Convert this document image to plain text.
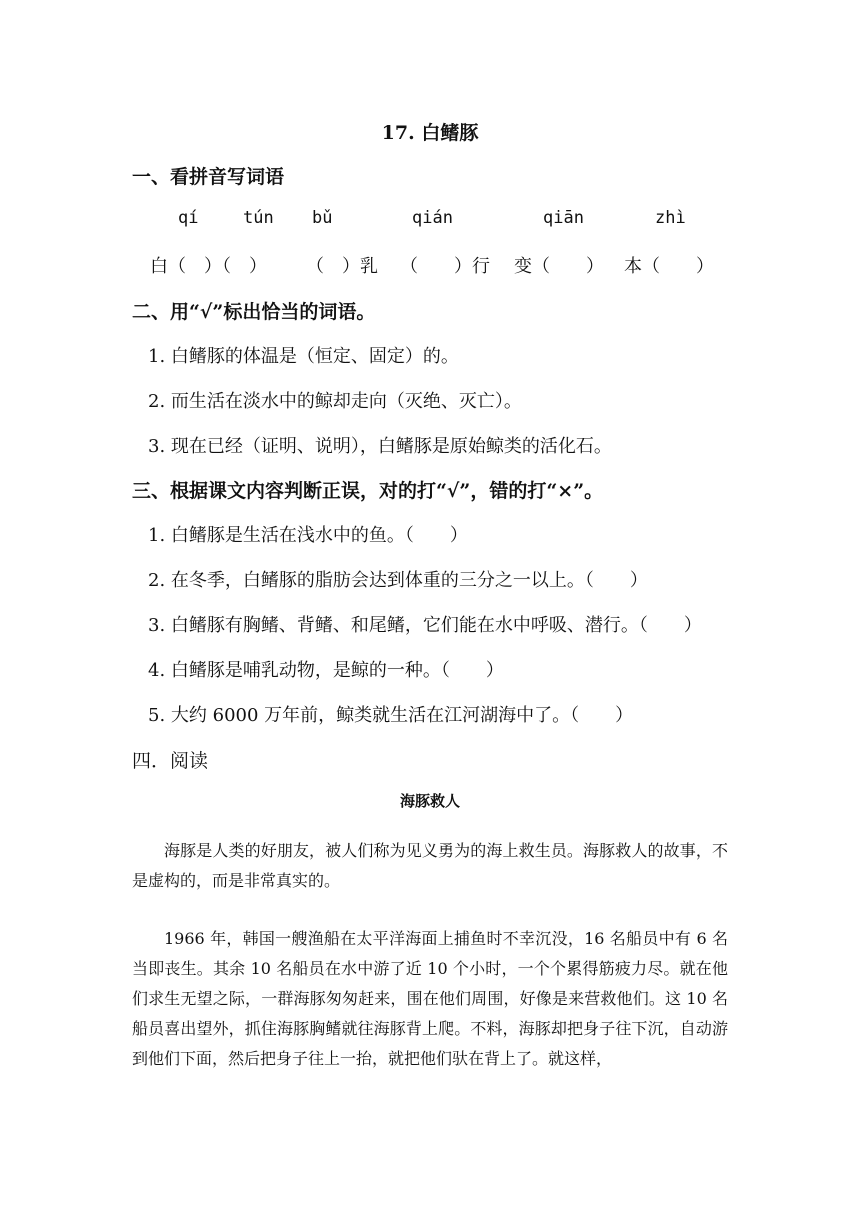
17. 白鳍豚
一、看拼音写词语
qí	tún bǔ	qián	qiān	zhì
白（　）（　） （　）乳 （　　）行 变（　　） 本（　　）
二、用“√”标出恰当的词语。
1. 白鳍豚的体温是（恒定、固定）的。
2. 而生活在淡水中的鲸却走向（灭绝、灭亡）。
3. 现在已经（证明、说明），白鳍豚是原始鲸类的活化石。
三、根据课文内容判断正误，对的打“√”，错的打“×”。
1. 白鳍豚是生活在浅水中的鱼。（　　）
2. 在冬季，白鳍豚的脂肪会达到体重的三分之一以上。（　　）
3. 白鳍豚有胸鳍、背鳍、和尾鳍，它们能在水中呼吸、潜行。（　　）
4. 白鳍豚是哺乳动物，是鲸的一种。（　　）
5. 大约 6000 万年前，鲸类就生活在江河湖海中了。（　　）
四．阅读
海豚救人

海豚是人类的好朋友，被人们称为见义勇为的海上救生员。海豚救人的故事，不是虚构的，而是非常真实的。

1966 年，韩国一艘渔船在太平洋海面上捕鱼时不幸沉没，16 名船员中有 6 名当即丧生。其余 10 名船员在水中游了近 10 个小时，一个个累得筋疲力尽。就在他们求生无望之际，一群海豚匆匆赶来，围在他们周围，好像是来营救他们。这 10 名船员喜出望外，抓住海豚胸鳍就往海豚背上爬。不料，海豚却把身子往下沉，自动游到他们下面，然后把身子往上一抬，就把他们驮在背上了。就这样，
